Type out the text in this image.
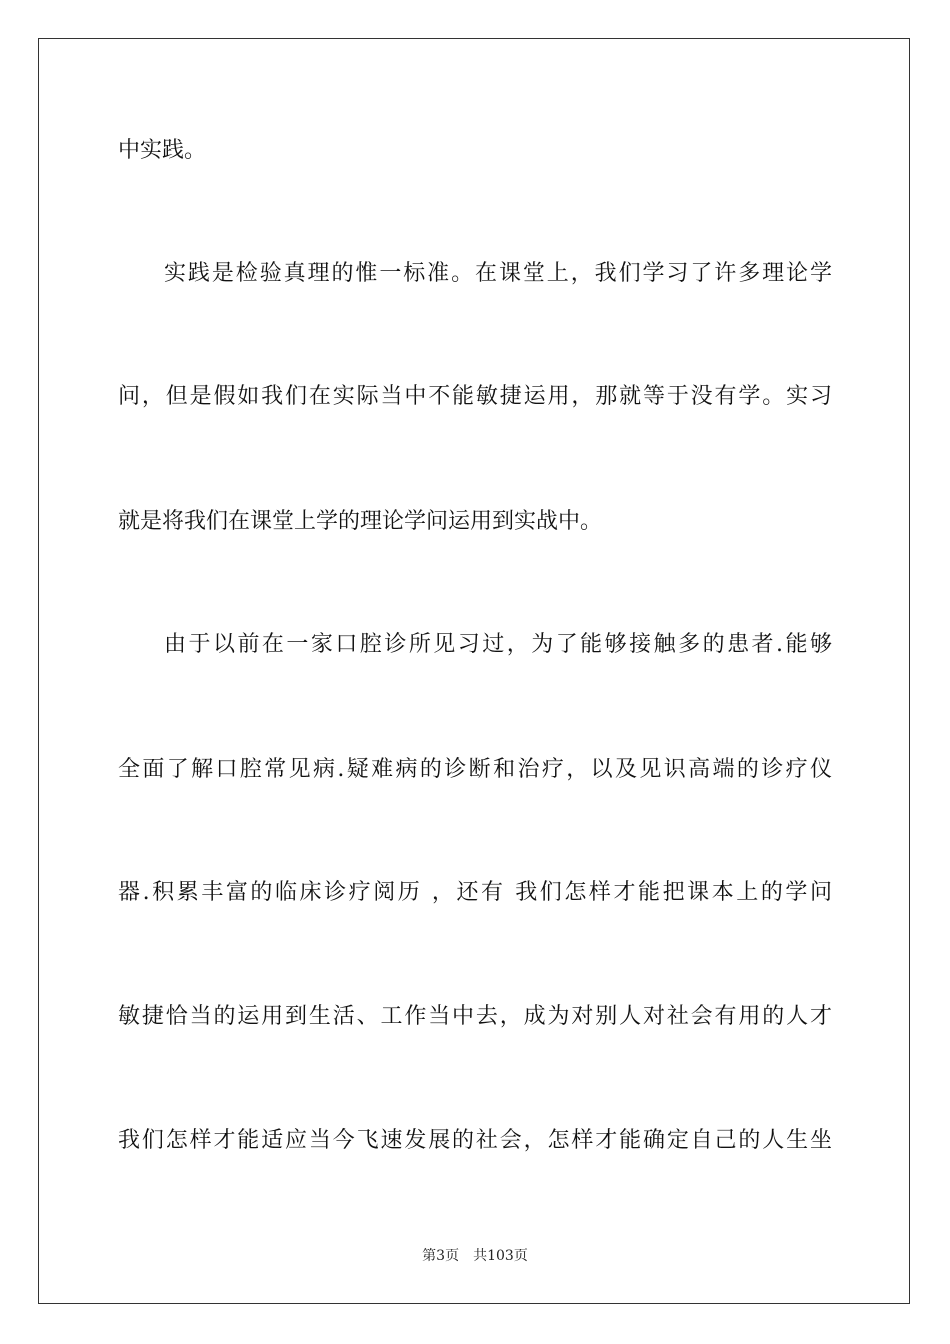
中实践。
实践是检验真理的惟一标准。在课堂上，我们学习了许多理论学
问，但是假如我们在实际当中不能敏捷运用，那就等于没有学。实习
就是将我们在课堂上学的理论学问运用到实战中。
由于以前在一家口腔诊所见习过，为了能够接触多的患者.能够
全面了解口腔常见病.疑难病的诊断和治疗，以及见识高端的诊疗仪
器.积累丰富的临床诊疗阅历 ，还有 我们怎样才能把课本上的学问
敏捷恰当的运用到生活、工作当中去，成为对别人对社会有用的人才
我们怎样才能适应当今飞速发展的社会，怎样才能确定自己的人生坐
第3页 共103页
